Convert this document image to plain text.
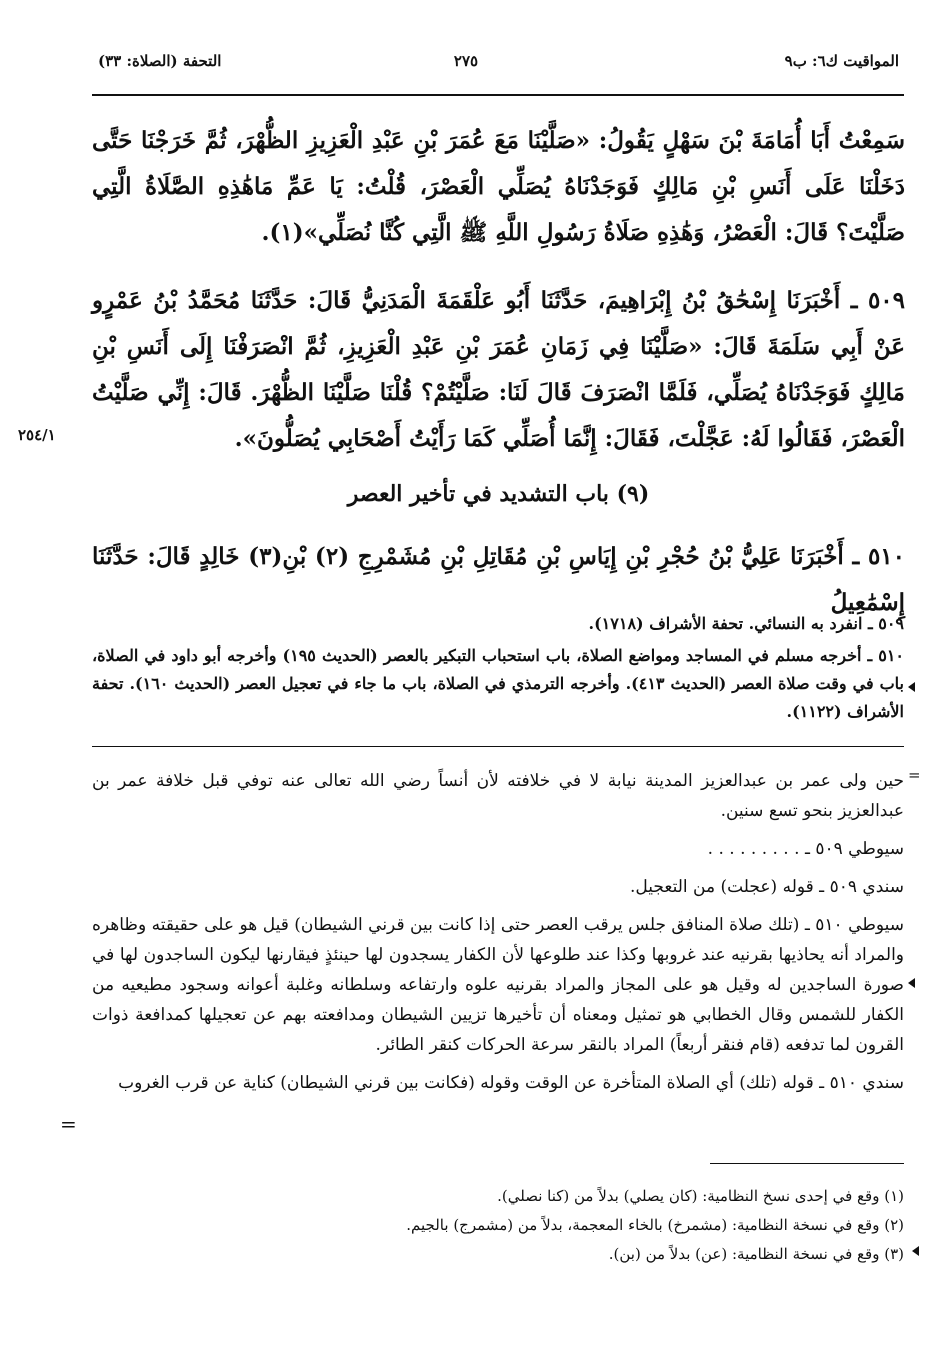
المواقيت ك٦: ب٩
٢٧٥
التحفة (الصلاة: ٣٣)
سَمِعْتُ أَبَا أُمَامَةَ بْنَ سَهْلٍ يَقُولُ: «صَلَّيْنَا مَعَ عُمَرَ بْنِ عَبْدِ الْعَزِيزِ الظُّهْرَ، ثُمَّ خَرَجْنَا حَتَّى دَخَلْنَا عَلَى أَنَسِ بْنِ مَالِكٍ فَوَجَدْنَاهُ يُصَلِّي الْعَصْرَ، قُلْتُ: يَا عَمِّ مَاهَٰذِهِ الصَّلَاةُ الَّتِي صَلَّيْتَ؟ قَالَ: الْعَصْرُ، وَهَٰذِهِ صَلَاةُ رَسُولِ اللَّهِ ﷺ الَّتِي كُنَّا نُصَلِّي»(١).
٥٠٩ ـ أَخْبَرَنَا إِسْحَٰقُ بْنُ إِبْرَاهِيمَ، حَدَّثَنَا أَبُو عَلْقَمَةَ الْمَدَنِيُّ قَالَ: حَدَّثَنَا مُحَمَّدُ بْنُ عَمْرٍو عَنْ أَبِي سَلَمَةَ قَالَ: «صَلَّيْنَا فِي زَمَانِ عُمَرَ بْنِ عَبْدِ الْعَزِيزِ، ثُمَّ انْصَرَفْنَا إِلَى أَنَسِ بْنِ مَالِكٍ فَوَجَدْنَاهُ يُصَلِّي، فَلَمَّا انْصَرَفَ قَالَ لَنَا: صَلَّيْتُمْ؟ قُلْنَا صَلَّيْنَا الظُّهْرَ. قَالَ: إِنِّي صَلَّيْتُ الْعَصْرَ، فَقَالُوا لَهُ: عَجَّلْتَ، فَقَالَ: إِنَّمَا أُصَلِّي كَمَا رَأَيْتُ أَصْحَابِي يُصَلُّونَ».
٢٥٤/١
(٩) باب التشديد في تأخير العصر
٥١٠ ـ أَخْبَرَنَا عَلِيُّ بْنُ حُجْرِ بْنِ إِيَاسِ بْنِ مُقَاتِلِ بْنِ مُشَمْرِجِ (٢) بْنِ(٣) خَالِدٍ قَالَ: حَدَّثَنَا إِسْمَٰعِيلُ

٥٠٩ ـ انفرد به النسائي. تحفة الأشراف (١٧١٨).

٥١٠ ـ أخرجه مسلم في المساجد ومواضع الصلاة، باب استحباب التبكير بالعصر (الحديث ١٩٥) وأخرجه أبو داود في الصلاة، باب في وقت صلاة العصر (الحديث ٤١٣). وأخرجه الترمذي في الصلاة، باب ما جاء في تعجيل العصر (الحديث ١٦٠). تحفة الأشراف (١١٢٢).

حين ولى عمر بن عبدالعزيز المدينة نيابة لا في خلافته لأن أنساً رضي الله تعالى عنه توفي قبل خلافة عمر بن عبدالعزيز بنحو تسع سنين.

سيوطي ٥٠٩ ـ . . . . . . . . .

سندي ٥٠٩ ـ قوله (عجلت) من التعجيل.

سيوطي ٥١٠ ـ (تلك صلاة المنافق جلس يرقب العصر حتى إذا كانت بين قرني الشيطان) قيل هو على حقيقته وظاهره والمراد أنه يحاذيها بقرنيه عند غروبها وكذا عند طلوعها لأن الكفار يسجدون لها حينئذٍ فيقارنها ليكون الساجدون لها في صورة الساجدين له وقيل هو على المجاز والمراد بقرنيه علوه وارتفاعه وسلطانه وغلبة أعوانه وسجود مطيعيه من الكفار للشمس وقال الخطابي هو تمثيل ومعناه أن تأخيرها تزيين الشيطان ومدافعته بهم عن تعجيلها كمدافعة ذوات القرون لما تدفعه (قام فنقر أربعاً) المراد بالنقر سرعة الحركات كنقر الطائر.

سندي ٥١٠ ـ قوله (تلك) أي الصلاة المتأخرة عن الوقت وقوله (فكانت بين قرني الشيطان) كناية عن قرب الغروب

=
=

(١) وقع في إحدى نسخ النظامية: (كان يصلي) بدلاً من (كنا نصلي).

(٢) وقع في نسخة النظامية: (مشمرخ) بالخاء المعجمة، بدلاً من (مشمرج) بالجيم.

(٣) وقع في نسخة النظامية: (عن) بدلاً من (بن).
